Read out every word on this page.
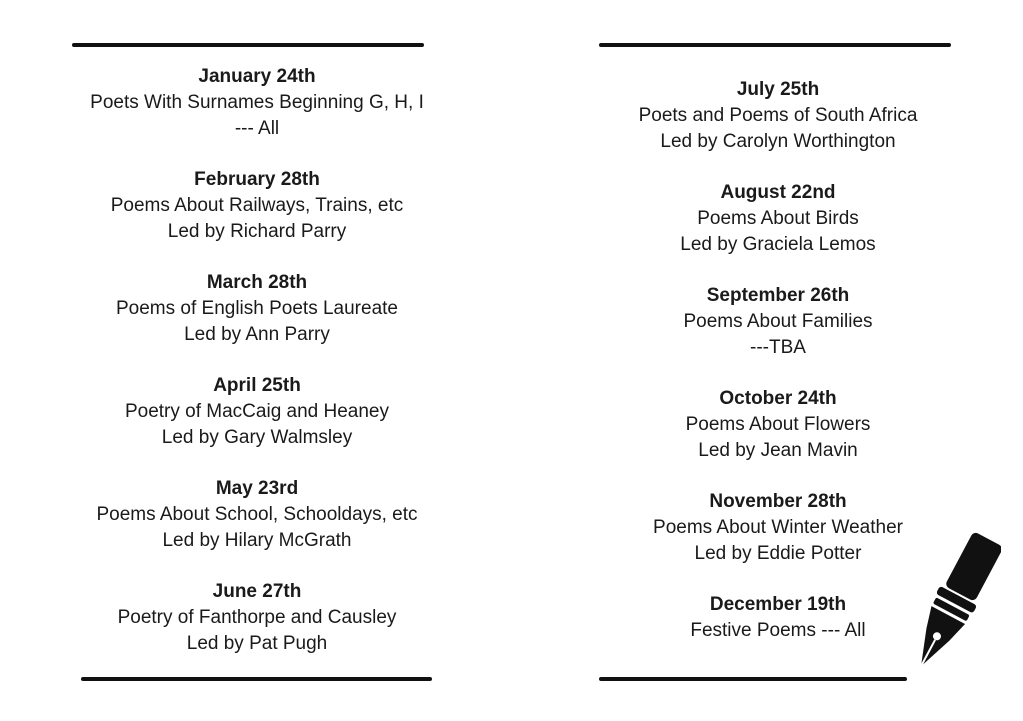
January 24th
Poets With Surnames Beginning G, H, I
--- All
February 28th
Poems About Railways, Trains, etc
Led by Richard Parry
March 28th
Poems of English Poets Laureate
Led by Ann Parry
April 25th
Poetry of MacCaig and Heaney
Led by Gary Walmsley
May 23rd
Poems About School, Schooldays, etc
Led by Hilary McGrath
June 27th
Poetry of Fanthorpe and Causley
Led by Pat Pugh
July 25th
Poets and Poems of South Africa
Led by Carolyn Worthington
August 22nd
Poems About Birds
Led by Graciela Lemos
September 26th
Poems About Families
---TBA
October 24th
Poems About Flowers
Led by Jean Mavin
November 28th
Poems About Winter Weather
Led by Eddie Potter
December 19th
Festive Poems --- All
